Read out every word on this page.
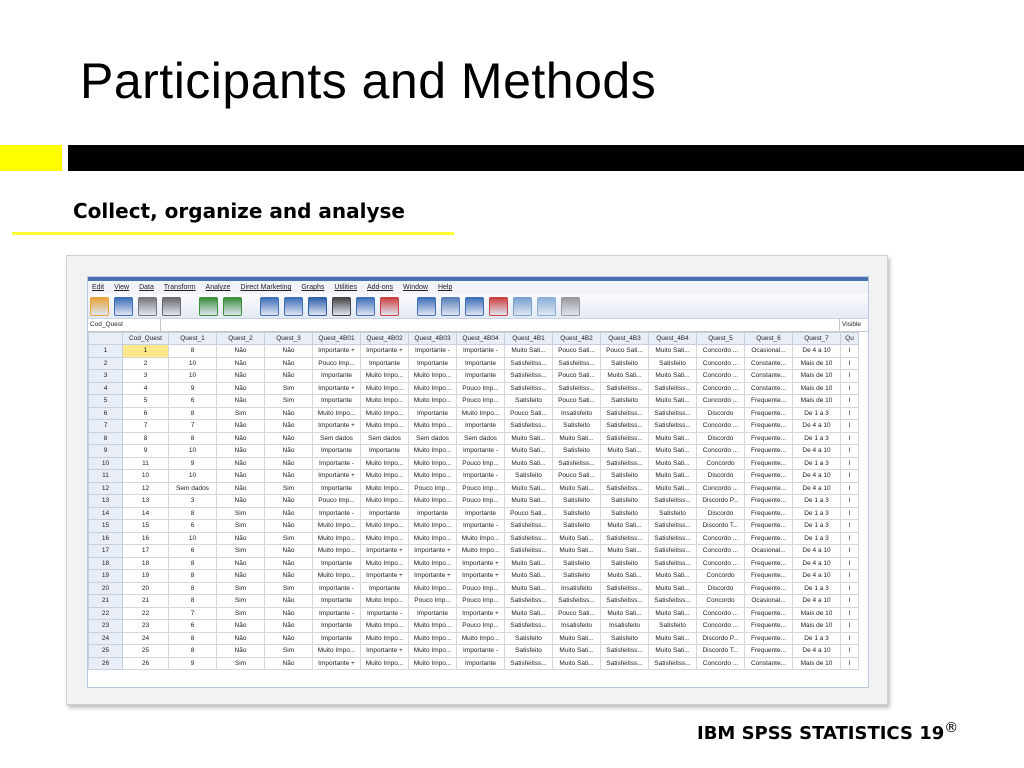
Participants and Methods
Collect, organize and analyse
Edit View Data Transform Analyze Direct Marketing Graphs Utilities Add-ons Window Help
Cod_Quest	Visible
	Cod_Quest	Quest_1	Quest_2	Quest_3	Quest_4B01	Quest_4B02	Quest_4B03	Quest_4B04	Quest_4B1	Quest_4B2	Quest_4B3	Quest_4B4	Quest_5	Quest_6	Quest_7	Qu
1	1	8	Não	Não	Importante +	Importante +	Importante -	Importante -	Muito Sati...	Pouco Sati...	Pouco Sati...	Muito Sati...	Concordo ...	Ocasional...	De 4 a 10	I
2	2	10	Não	Não	Pouco Imp...	Importante	Importante	Importante	Satisfeitiss...	Satisfeitiss...	Satisfeito	Satisfeito	Concordo ...	Constante...	Mais de 10	I
3	3	10	Não	Não	Importante	Muito Impo...	Muito Impo...	Importante	Satisfeitiss...	Pouco Sati...	Muito Sati...	Muito Sati...	Concordo ...	Constante...	Mais de 10	I
4	4	9	Não	Sim	Importante +	Muito Impo...	Muito Impo...	Pouco Imp...	Satisfeitiss...	Satisfeitiss...	Satisfeitiss...	Satisfeitiss...	Concordo ...	Constante...	Mais de 10	I
5	5	6	Não	Sim	Importante	Muito Impo...	Muito Impo...	Pouco Imp...	Satisfeito	Pouco Sati...	Satisfeito	Muito Sati...	Concordo ...	Frequente...	Mais de 10	I
6	6	8	Sim	Não	Muito Impo...	Muito Impo...	Importante	Muito Impo...	Pouco Sati...	Insatisfeito	Satisfeitiss...	Satisfeitiss...	Discordo	Frequente...	De 1 a 3	I
7	7	7	Não	Não	Importante +	Muito Impo...	Muito Impo...	Importante	Satisfeitiss...	Satisfeito	Satisfeitiss...	Satisfeitiss...	Concordo ...	Frequente...	De 4 a 10	I
8	8	8	Não	Não	Sem dados	Sem dados	Sem dados	Sem dados	Muito Sati...	Muito Sati...	Satisfeitiss...	Muito Sati...	Discordo	Frequente...	De 1 a 3	I
9	9	10	Não	Não	Importante	Importante	Muito Impo...	Importante -	Muito Sati...	Satisfeito	Muito Sati...	Muito Sati...	Concordo ...	Frequente...	De 4 a 10	I
10	11	9	Não	Não	Importante -	Muito Impo...	Muito Impo...	Pouco Imp...	Muito Sati...	Satisfeitiss...	Satisfeitiss...	Muito Sati...	Concordo	Frequente...	De 1 a 3	I
11	10	10	Não	Não	Importante +	Muito Impo...	Muito Impo...	Importante -	Satisfeito	Pouco Sati...	Satisfeito	Muito Sati...	Discordo	Frequente...	De 4 a 10	I
12	12	Sem dados	Não	Sim	Importante	Muito Impo...	Pouco Imp...	Pouco Imp...	Muito Sati...	Muito Sati...	Satisfeitiss...	Muito Sati...	Concordo ...	Frequente...	De 4 a 10	I
13	13	3	Não	Não	Pouco Imp...	Muito Impo...	Muito Impo...	Pouco Imp...	Muito Sati...	Satisfeito	Satisfeito	Satisfeitiss...	Discordo P...	Frequente...	De 1 a 3	I
14	14	8	Sim	Não	Importante -	Importante	Importante	Importante	Pouco Sati...	Satisfeito	Satisfeito	Satisfeito	Discordo	Frequente...	De 1 a 3	I
15	15	6	Sim	Não	Muito Impo...	Muito Impo...	Muito Impo...	Importante -	Satisfeitiss...	Satisfeito	Muito Sati...	Satisfeitiss...	Discordo T...	Frequente...	De 1 a 3	I
16	16	10	Não	Sim	Muito Impo...	Muito Impo...	Muito Impo...	Muito Impo...	Satisfeitiss...	Muito Sati...	Satisfeitiss...	Satisfeitiss...	Concordo ...	Frequente...	De 1 a 3	I
17	17	6	Sim	Não	Muito Impo...	Importante +	Importante +	Muito Impo...	Satisfeitiss...	Muito Sati...	Muito Sati...	Satisfeitiss...	Concordo ...	Ocasional...	De 4 a 10	I
18	18	8	Não	Não	Importante	Muito Impo...	Muito Impo...	Importante +	Muito Sati...	Satisfeito	Satisfeito	Satisfeitiss...	Concordo ...	Frequente...	De 4 a 10	I
19	19	8	Não	Não	Muito Impo...	Importante +	Importante +	Importante +	Muito Sati...	Satisfeito	Muito Sati...	Muito Sati...	Concordo	Frequente...	De 4 a 10	I
20	20	8	Sim	Sim	Importante -	Importante	Muito Impo...	Pouco Imp...	Muito Sati...	Insatisfeito	Satisfeitiss...	Muito Sati...	Discordo	Frequente...	De 1 a 3	I
21	21	8	Sim	Não	Importante	Muito Impo...	Pouco Imp...	Pouco Imp...	Satisfeitiss...	Satisfeitiss...	Satisfeitiss...	Satisfeitiss...	Concordo	Ocasional...	De 4 a 10	I
22	22	7	Sim	Não	Importante -	Importante -	Importante	Importante +	Muito Sati...	Pouco Sati...	Muito Sati...	Muito Sati...	Concordo ...	Frequente...	Mais de 10	I
23	23	6	Não	Não	Importante	Muito Impo...	Muito Impo...	Pouco Imp...	Satisfeitiss...	Insatisfeito	Insatisfeito	Satisfeito	Concordo ...	Frequente...	Mais de 10	I
24	24	8	Não	Não	Importante	Muito Impo...	Muito Impo...	Muito Impo...	Satisfeito	Muito Sati...	Satisfeito	Muito Sati...	Discordo P...	Frequente...	De 1 a 3	I
25	25	8	Não	Sim	Muito Impo...	Importante +	Muito Impo...	Importante -	Satisfeito	Muito Sati...	Satisfeitiss...	Muito Sati...	Discordo T...	Frequente...	De 4 a 10	I
26	26	9	Sim	Não	Importante +	Muito Impo...	Muito Impo...	Importante	Satisfeitiss...	Muito Sati...	Satisfeitiss...	Satisfeitiss...	Concordo ...	Constante...	Mais de 10	I
IBM SPSS STATISTICS 19®
